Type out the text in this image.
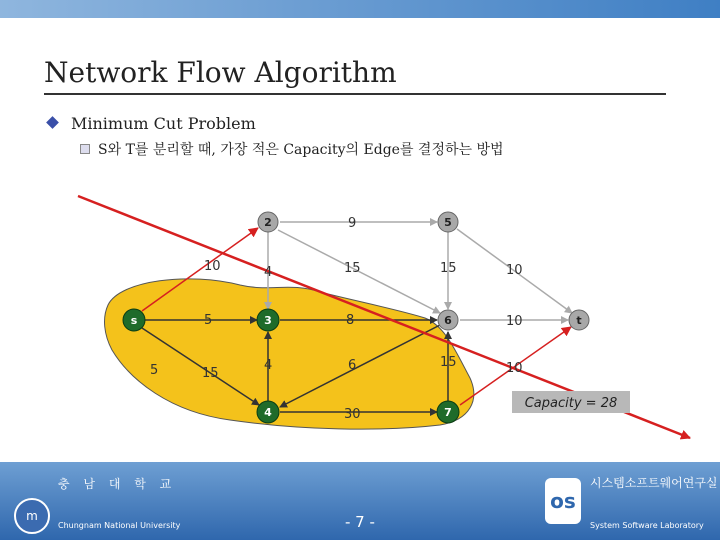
Network Flow Algorithm
Minimum Cut Problem
S와 T를 분리할 때, 가장 적은 Capacity의 Edge를 결정하는 방법
Capacity = 28
2	5
6	t
s	3
4	7
10
9
4	15	15	10
5	8	10
5	15
4	6	15	10
30
m
충 남 대 학 교
Chungnam National University	- 7 -
os
시스템소프트웨어연구실
System Software Laboratory
